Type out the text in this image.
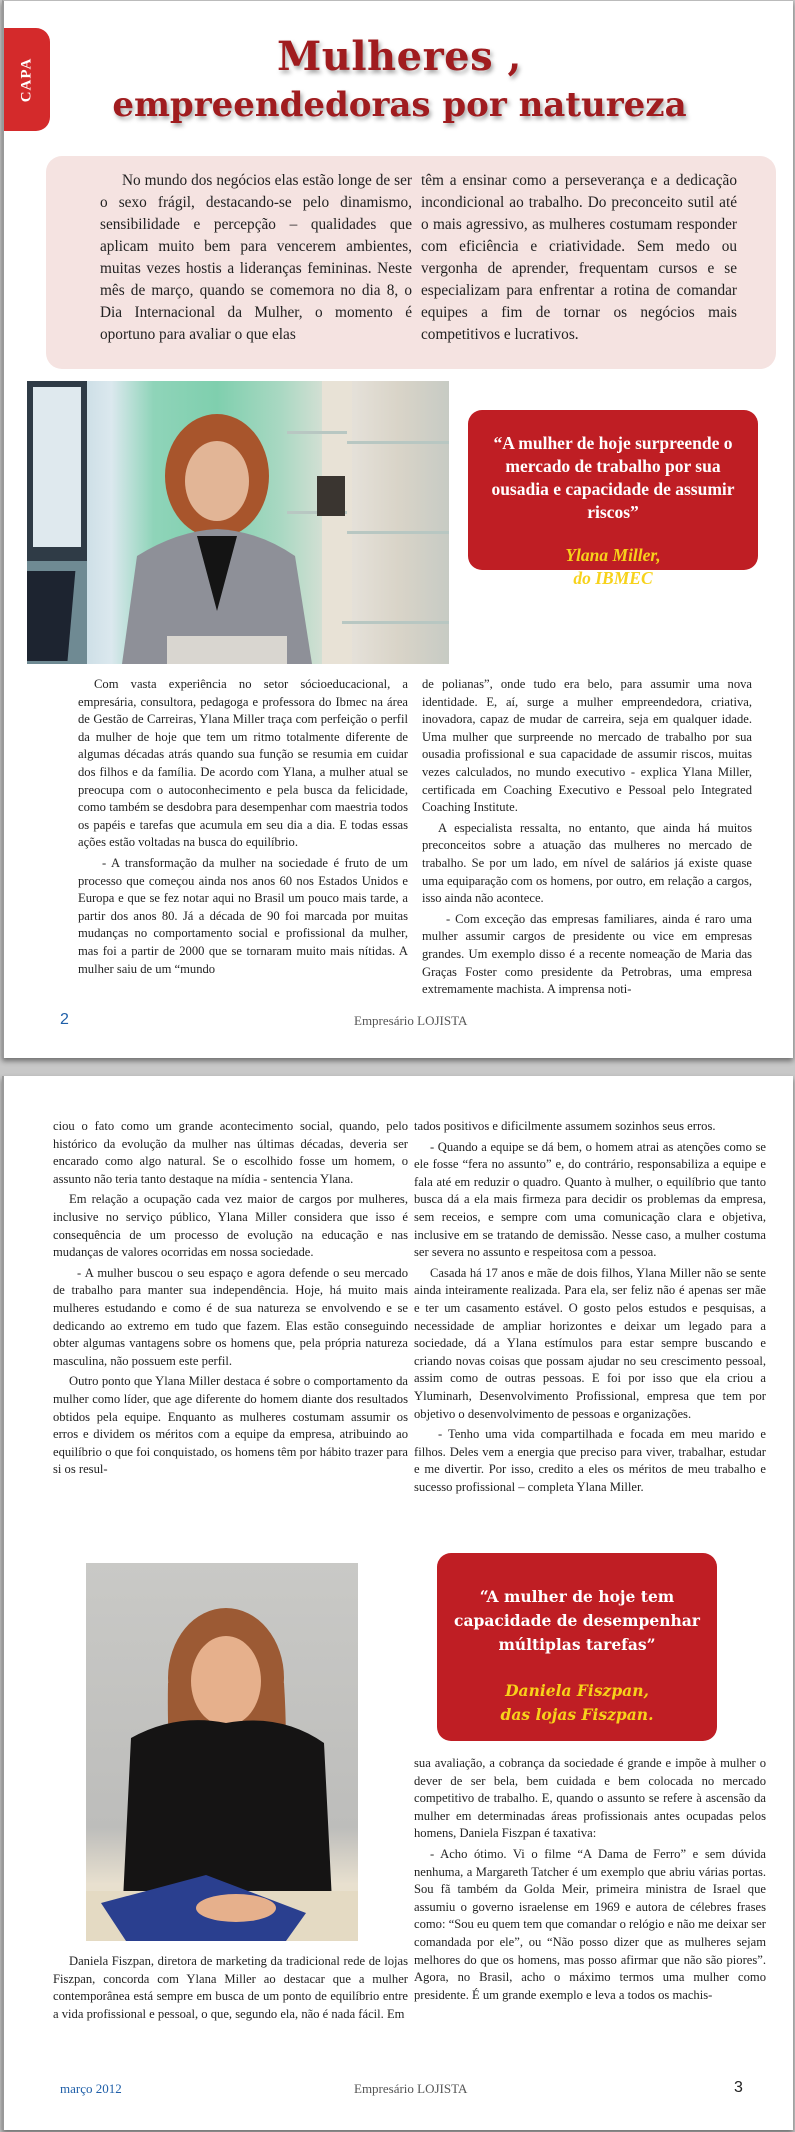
CAPA	Mulheres ,
empreendedoras por natureza
No mundo dos negócios elas estão longe de ser o sexo frágil, destacando-se pelo dinamismo, sensibilidade e percepção – qualidades que aplicam muito bem para vencerem ambientes, muitas vezes hostis a lideranças femininas. Neste mês de março, quando se comemora no dia 8, o Dia Internacional da Mulher, o momento é oportuno para avaliar o que elas
têm a ensinar como a perseverança e a dedicação incondicional ao trabalho. Do preconceito sutil até o mais agressivo, as mulheres costumam responder com eficiência e criatividade. Sem medo ou vergonha de aprender, frequentam cursos e se especializam para enfrentar a rotina de comandar equipes a fim de tornar os negócios mais competitivos e lucrativos.
“A mulher de hoje surpreende o mercado de trabalho por sua ousadia e capacidade de assumir riscos”
Ylana Miller,
do IBMEC

Com vasta experiência no setor sócioeducacional, a empresária, consultora, pedagoga e professora do Ibmec na área de Gestão de Carreiras, Ylana Miller traça com perfeição o perfil da mulher de hoje que tem um ritmo totalmente diferente de algumas décadas atrás quando sua função se resumia em cuidar dos filhos e da família. De acordo com Ylana, a mulher atual se preocupa com o autoconhecimento e pela busca da felicidade, como também se desdobra para desempenhar com maestria todos os papéis e tarefas que acumula em seu dia a dia. E todas essas ações estão voltadas na busca do equilíbrio.

- A transformação da mulher na sociedade é fruto de um processo que começou ainda nos anos 60 nos Estados Unidos e Europa e que se fez notar aqui no Brasil um pouco mais tarde, a partir dos anos 80. Já a década de 90 foi marcada por muitas mudanças no comportamento social e profissional da mulher, mas foi a partir de 2000 que se tornaram muito mais nítidas. A mulher saiu de um “mundo

de polianas”, onde tudo era belo, para assumir uma nova identidade. E, aí, surge a mulher empreendedora, criativa, inovadora, capaz de mudar de carreira, seja em qualquer idade. Uma mulher que surpreende no mercado de trabalho por sua ousadia profissional e sua capacidade de assumir riscos, muitas vezes calculados, no mundo executivo - explica Ylana Miller, certificada em Coaching Executivo e Pessoal pelo Integrated Coaching Institute.

A especialista ressalta, no entanto, que ainda há muitos preconceitos sobre a atuação das mulheres no mercado de trabalho. Se por um lado, em nível de salários já existe quase uma equiparação com os homens, por outro, em relação a cargos, isso ainda não acontece.

- Com exceção das empresas familiares, ainda é raro uma mulher assumir cargos de presidente ou vice em empresas grandes. Um exemplo disso é a recente nomeação de Maria das Graças Foster como presidente da Petrobras, uma empresa extremamente machista. A imprensa noti-

2	Empresário LOJISTA

ciou o fato como um grande acontecimento social, quando, pelo histórico da evolução da mulher nas últimas décadas, deveria ser encarado como algo natural. Se o escolhido fosse um homem, o assunto não teria tanto destaque na mídia - sentencia Ylana.

Em relação a ocupação cada vez maior de cargos por mulheres, inclusive no serviço público, Ylana Miller considera que isso é consequência de um processo de evolução na educação e nas mudanças de valores ocorridas em nossa sociedade.

- A mulher buscou o seu espaço e agora defende o seu mercado de trabalho para manter sua independência. Hoje, há muito mais mulheres estudando e como é de sua natureza se envolvendo e se dedicando ao extremo em tudo que fazem. Elas estão conseguindo obter algumas vantagens sobre os homens que, pela própria natureza masculina, não possuem este perfil.

Outro ponto que Ylana Miller destaca é sobre o comportamento da mulher como líder, que age diferente do homem diante dos resultados obtidos pela equipe. Enquanto as mulheres costumam assumir os erros e dividem os méritos com a equipe da empresa, atribuindo ao equilíbrio o que foi conquistado, os homens têm por hábito trazer para si os resul-

tados positivos e dificilmente assumem sozinhos seus erros.

- Quando a equipe se dá bem, o homem atrai as atenções como se ele fosse “fera no assunto” e, do contrário, responsabiliza a equipe e fala até em reduzir o quadro. Quanto à mulher, o equilíbrio que tanto busca dá a ela mais firmeza para decidir os problemas da empresa, sem receios, e sempre com uma comunicação clara e objetiva, inclusive em se tratando de demissão. Nesse caso, a mulher costuma ser severa no assunto e respeitosa com a pessoa.

Casada há 17 anos e mãe de dois filhos, Ylana Miller não se sente ainda inteiramente realizada. Para ela, ser feliz não é apenas ser mãe e ter um casamento estável. O gosto pelos estudos e pesquisas, a necessidade de ampliar horizontes e deixar um legado para a sociedade, dá a Ylana estímulos para estar sempre buscando e criando novas coisas que possam ajudar no seu crescimento pessoal, assim como de outras pessoas. E foi por isso que ela criou a Yluminarh, Desenvolvimento Profissional, empresa que tem por objetivo o desenvolvimento de pessoas e organizações.

- Tenho uma vida compartilhada e focada em meu marido e filhos. Deles vem a energia que preciso para viver, trabalhar, estudar e me divertir. Por isso, credito a eles os méritos de meu trabalho e sucesso profissional – completa Ylana Miller.

“A mulher de hoje tem capacidade de desempenhar múltiplas tarefas”
Daniela Fiszpan,
das lojas Fiszpan.

sua avaliação, a cobrança da sociedade é grande e impõe à mulher o dever de ser bela, bem cuidada e bem colocada no mercado competitivo de trabalho. E, quando o assunto se refere à ascensão da mulher em determinadas áreas profissionais antes ocupadas pelos homens, Daniela Fiszpan é taxativa:

- Acho ótimo. Vi o filme “A Dama de Ferro” e sem dúvida nenhuma, a Margareth Tatcher é um exemplo que abriu várias portas. Sou fã também da Golda Meir, primeira ministra de Israel que assumiu o governo israelense em 1969 e autora de célebres frases como: “Sou eu quem tem que comandar o relógio e não me deixar ser comandada por ele”, ou “Não posso dizer que as mulheres sejam melhores do que os homens, mas posso afirmar que não são piores”. Agora, no Brasil, acho o máximo termos uma mulher como presidente. É um grande exemplo e leva a todos os machis-

Daniela Fiszpan, diretora de marketing da tradicional rede de lojas Fiszpan, concorda com Ylana Miller ao destacar que a mulher contemporânea está sempre em busca de um ponto de equilíbrio entre a vida profissional e pessoal, o que, segundo ela, não é nada fácil. Em

março 2012	Empresário LOJISTA	3
